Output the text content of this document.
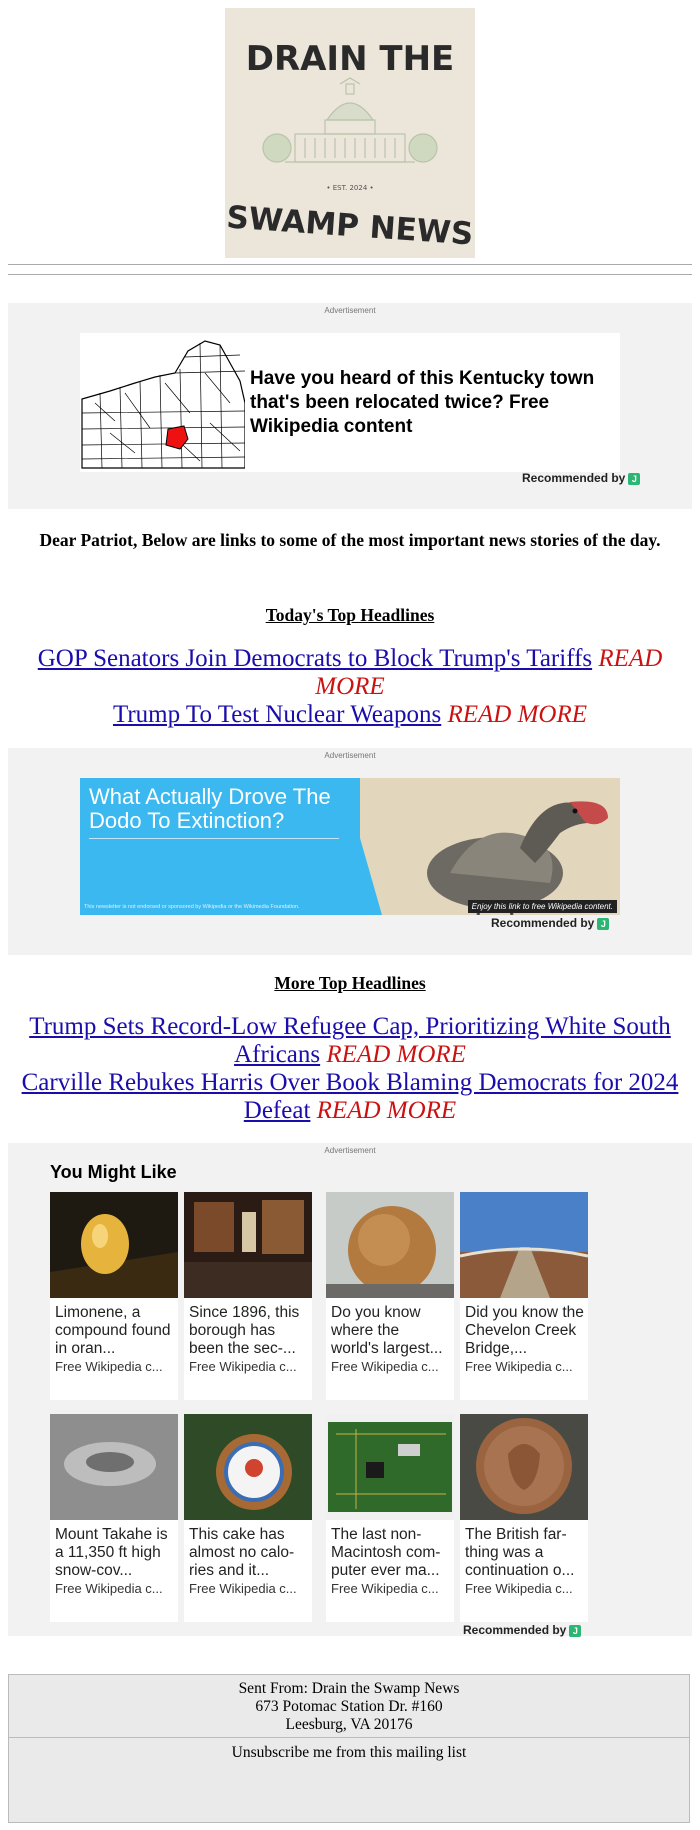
DRAIN THE
• EST. 2024 •
SWAMP NEWS
Advertisement
Have you heard of this Kentucky town that's been relocated twice? Free Wikipedia content
Recommended by J
Dear Patriot, Below are links to some of the most important news stories of the day.
Today's Top Headlines
GOP Senators Join Democrats to Block Trump's Tariffs READ MORE
Trump To Test Nuclear Weapons READ MORE
Advertisement
What Actually Drove The Dodo To Extinction?
This newsletter is not endorsed or sponsored by Wikipedia or the Wikimedia Foundation.	Enjoy this link to free Wikipedia content.
Recommended by J
More Top Headlines
Trump Sets Record-Low Refugee Cap, Prioritizing White South Africans READ MORE
Carville Rebukes Harris Over Book Blaming Democrats for 2024 Defeat READ MORE
Advertisement
You Might Like
Limonene, a compound found in oran...
Free Wikipedia c...
Since 1896, this borough has been the sec-...
Free Wikipedia c...
Do you know where the world's largest...
Free Wikipedia c...
Did you know the Chevelon Creek Bridge,...
Free Wikipedia c...
Mount Takahe is a 11,350 ft high snow-cov...
Free Wikipedia c...
This cake has almost no calo-ries and it...
Free Wikipedia c...
The last non-Macintosh com-puter ever ma...
Free Wikipedia c...
The British far-thing was a continuation o...
Free Wikipedia c...
Recommended by J
Sent From: Drain the Swamp News
673 Potomac Station Dr. #160
Leesburg, VA 20176
Unsubscribe me from this mailing list
